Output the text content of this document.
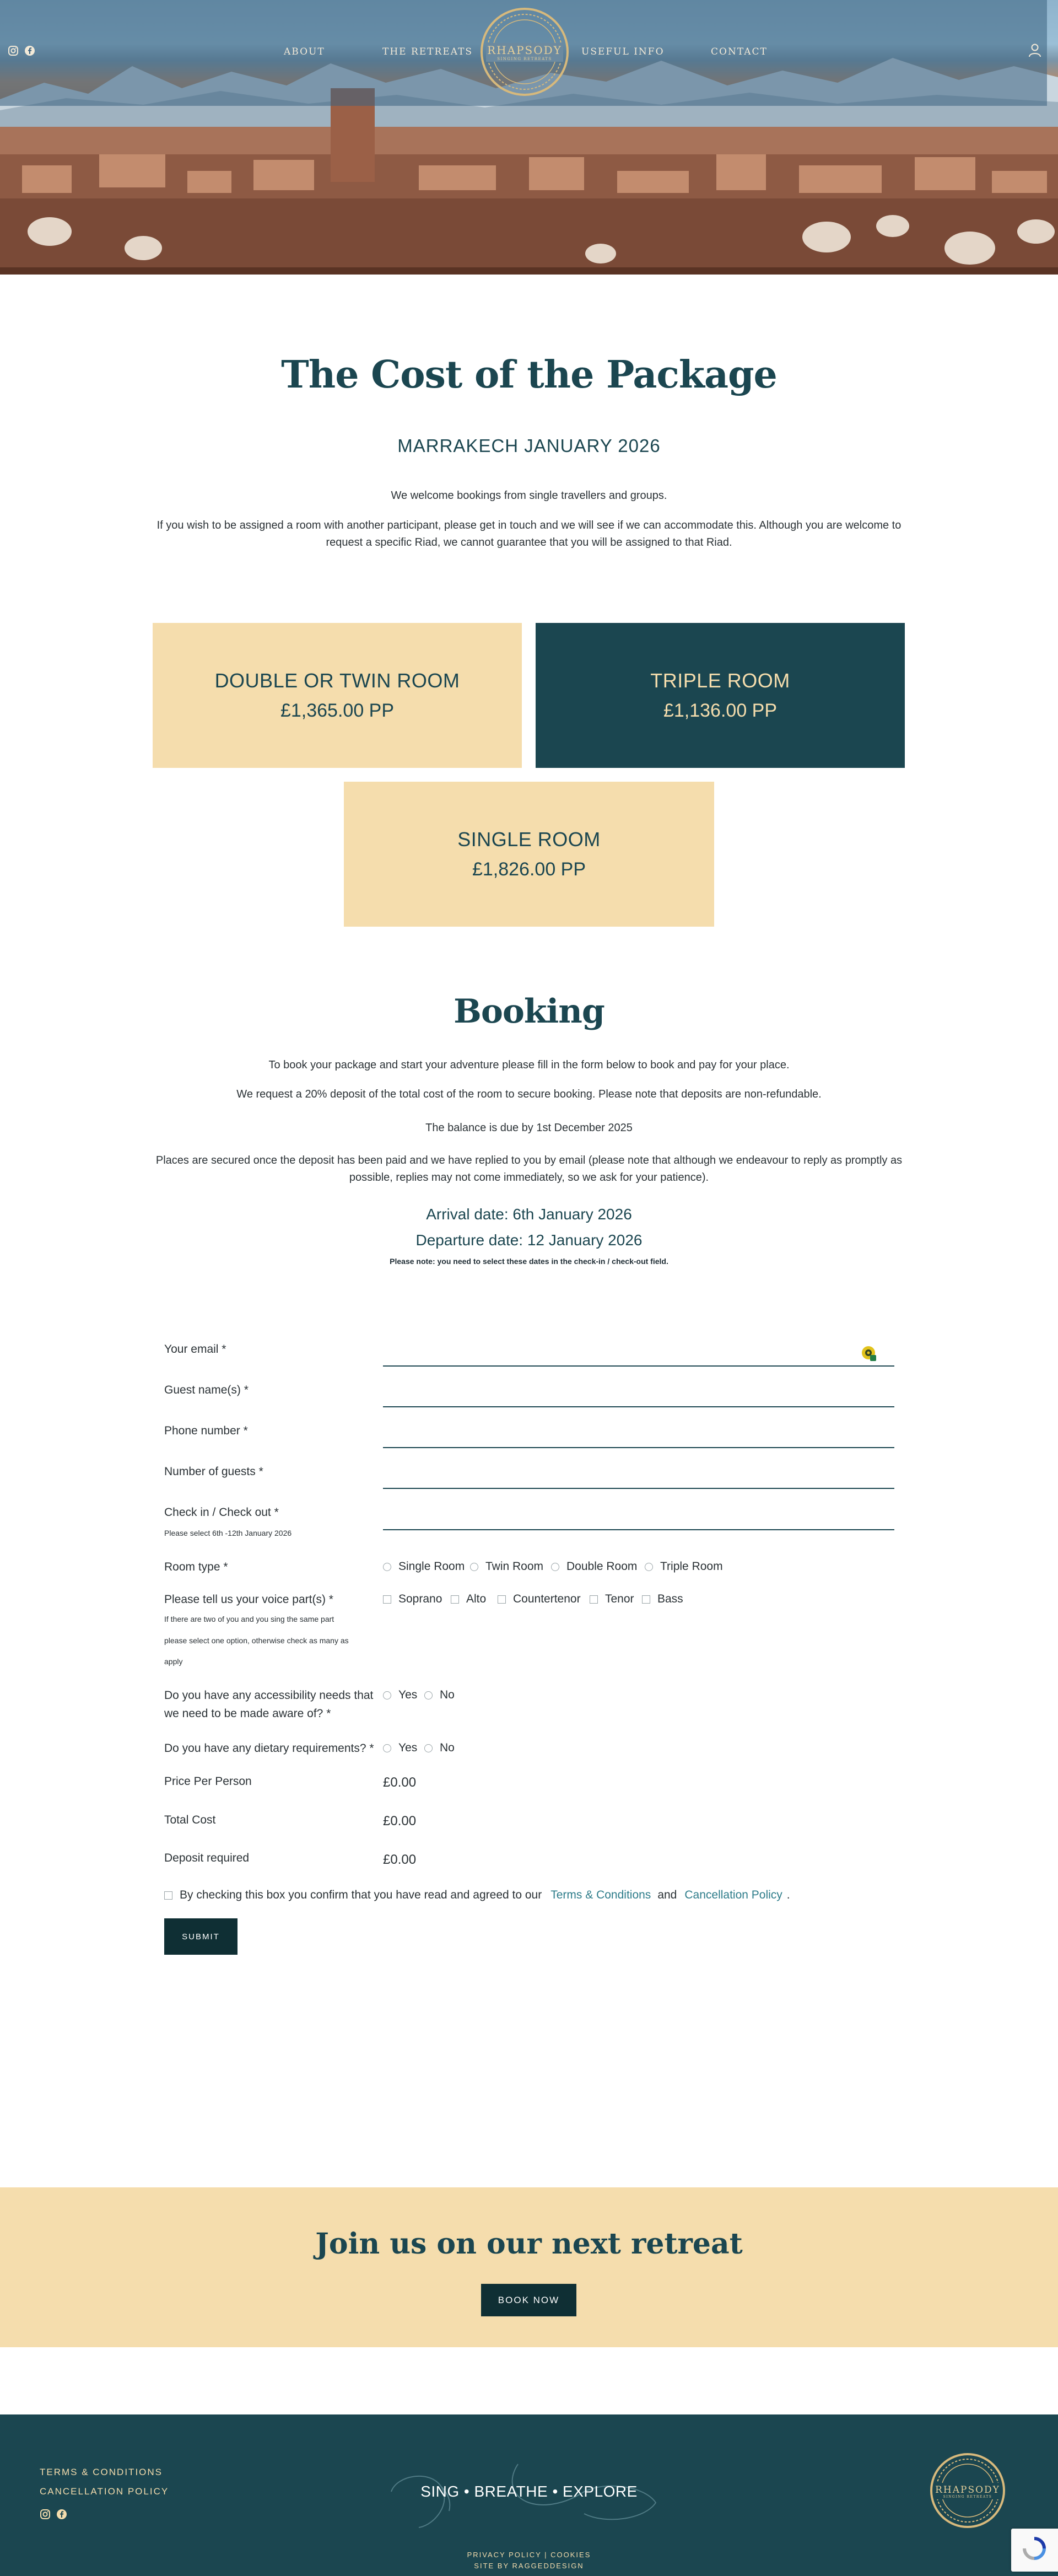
ABOUT	THE RETREATS RHAPSODY
SINGING RETREATS
USEFUL INFO	CONTACT
The Cost of the Package
MARRAKECH JANUARY 2026

We welcome bookings from single travellers and groups.

If you wish to be assigned a room with another participant, please get in touch and we will see if we can accommodate this. Although you are welcome to request a specific Riad, we cannot guarantee that you will be assigned to that Riad.

DOUBLE OR TWIN ROOM
£1,365.00 PP
TRIPLE ROOM
£1,136.00 PP
SINGLE ROOM
£1,826.00 PP
Booking

To book your package and start your adventure please fill in the form below to book and pay for your place.

We request a 20% deposit of the total cost of the room to secure booking. Please note that deposits are non-refundable.

The balance is due by 1st December 2025

Places are secured once the deposit has been paid and we have replied to you by email (please note that although we endeavour to reply as promptly as possible, replies may not come immediately, so we ask for your patience).

Arrival date: 6th January 2026

Departure date: 12 January 2026

Please note: you need to select these dates in the check-in / check-out field.

Your email *
Guest name(s) *
Phone number *
Number of guests *
Check in / Check out *
Please select 6th -12th January 2026
Room type *	Single Room Twin Room Double Room Triple Room
Please tell us your voice part(s) *
If there are two of you and you sing the same part
please select one option, otherwise check as many as
apply
Soprano Alto Countertenor Tenor Bass
Do you have any accessibility needs that
we need to be made aware of? *
Yes No
Do you have any dietary requirements? * Yes No
Price Per Person	£0.00
Total Cost	£0.00
Deposit required	£0.00
By checking this box you confirm that you have read and agreed to our Terms & Conditions and Cancellation Policy .
SUBMIT
Join us on our next retreat
BOOK NOW
TERMS & CONDITIONS
CANCELLATION POLICY	SING • BREATHE • EXPLORE
PRIVACY POLICY | COOKIES
SITE BY RAGGEDDESIGN
RHAPSODY
SINGING RETREATS
